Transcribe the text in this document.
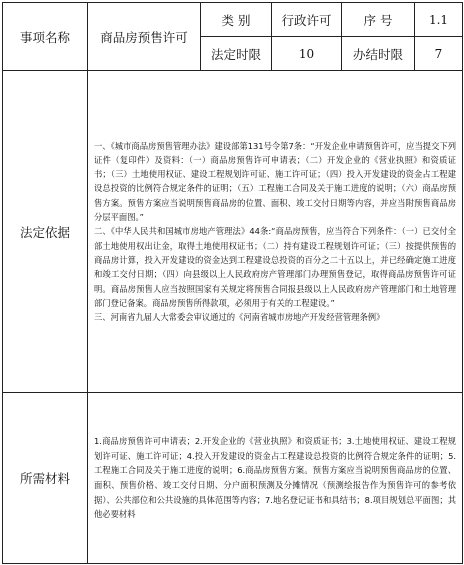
事项名称	商品房预售许可	类 别	行政许可	序 号	1.1
		法定时限	10	办结时限	7
法定依据	一、《城市商品房预售管理办法》建设部第131号令第7条：“开发企业申请预售许可，应当提交下列证件（复印件）及资料：（一）商品房预售许可申请表；（二）开发企业的《营业执照》和资质证书；（三）土地使用权证、建设工程规划许可证、施工许可证；（四）投入开发建设的资金占工程建设总投资的比例符合规定条件的证明；（五）工程施工合同及关于施工进度的说明；（六）商品房预售方案。预售方案应当说明预售商品房的位置、面积、竣工交付日期等内容，并应当附预售商品房分层平面图。”

二、《中华人民共和国城市房地产管理法》44条:“商品房预售，应当符合下列条件：（一）已交付全部土地使用权出让金，取得土地使用权证书；（二）持有建设工程规划许可证；（三）按提供预售的商品房计算，投入开发建设的资金达到工程建设总投资的百分之二十五以上，并已经确定施工进度和竣工交付日期；（四）向县级以上人民政府房产管理部门办理预售登记，取得商品房预售许可证明。商品房预售人应当按照国家有关规定将预售合同报县级以上人民政府房产管理部门和土地管理部门登记备案。商品房预售所得款项，必须用于有关的工程建设。”

三、河南省九届人大常委会审议通过的《河南省城市房地产开发经营管理条例》				

所需材料	1.商品房预售许可申请表；2.开发企业的《营业执照》和资质证书；3.土地使用权证、建设工程规划许可证、施工许可证；4.投入开发建设的资金占工程建设总投资的比例符合规定条件的证明；5.工程施工合同及关于施工进度的说明；6.商品房预售方案。预售方案应当说明预售商品房的位置、面积、预售价格、竣工交付日期、分户面积预测及分摊情况（预测绘报告作为预售许可的参考依据）、公共部位和公共设施的具体范围等内容；7.地名登记证书和具结书；8.项目规划总平面图；其他必要材料				
